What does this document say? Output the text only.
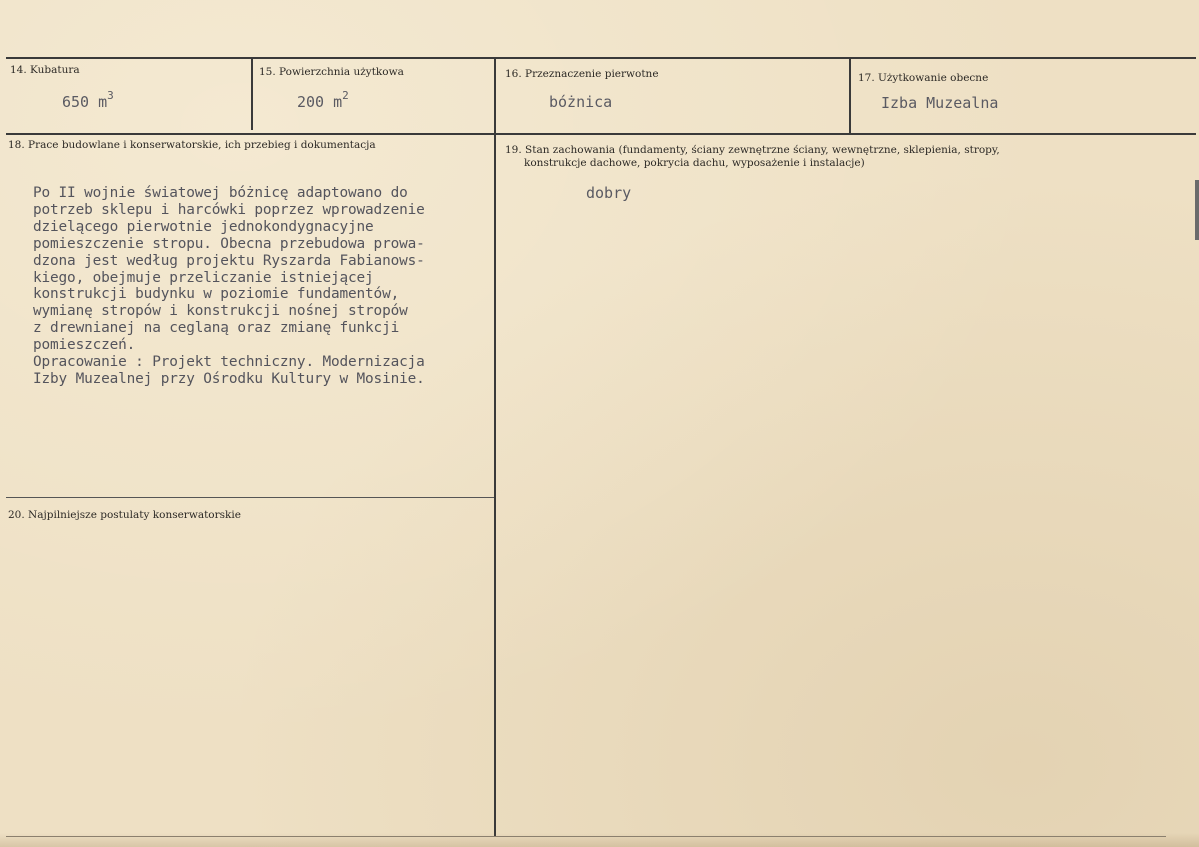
14. Kubatura
650 $m^3$
15. Powierzchnia użytkowa
200 $m^2$
16. Przeznaczenie pierwotne
bóżnica
17. Użytkowanie obecne
Izba Muzealna
18. Prace budowlane i konserwatorskie, ich przebieg i dokumentacja
Po II wojnie światowej bóżnicę adaptowano do
potrzeb sklepu i harcówki poprzez wprowadzenie
dzielącego pierwotnie jednokondygnacyjne
pomieszczenie stropu. Obecna przebudowa prowa-
dzona jest według projektu Ryszarda Fabianows-
kiego, obejmuje przeliczanie istniejącej
konstrukcji budynku w poziomie fundamentów,
wymianę stropów i konstrukcji nośnej stropów
z drewnianej na ceglaną oraz zmianę funkcji
pomieszczeń.
Opracowanie : Projekt techniczny. Modernizacja
Izby Muzealnej przy Ośrodku Kultury w Mosinie.
19. Stan zachowania (fundamenty, ściany zewnętrzne ściany, wewnętrzne, sklepienia, stropy,
konstrukcje dachowe, pokrycia dachu, wyposażenie i instalacje)
dobry
20. Najpilniejsze postulaty konserwatorskie
